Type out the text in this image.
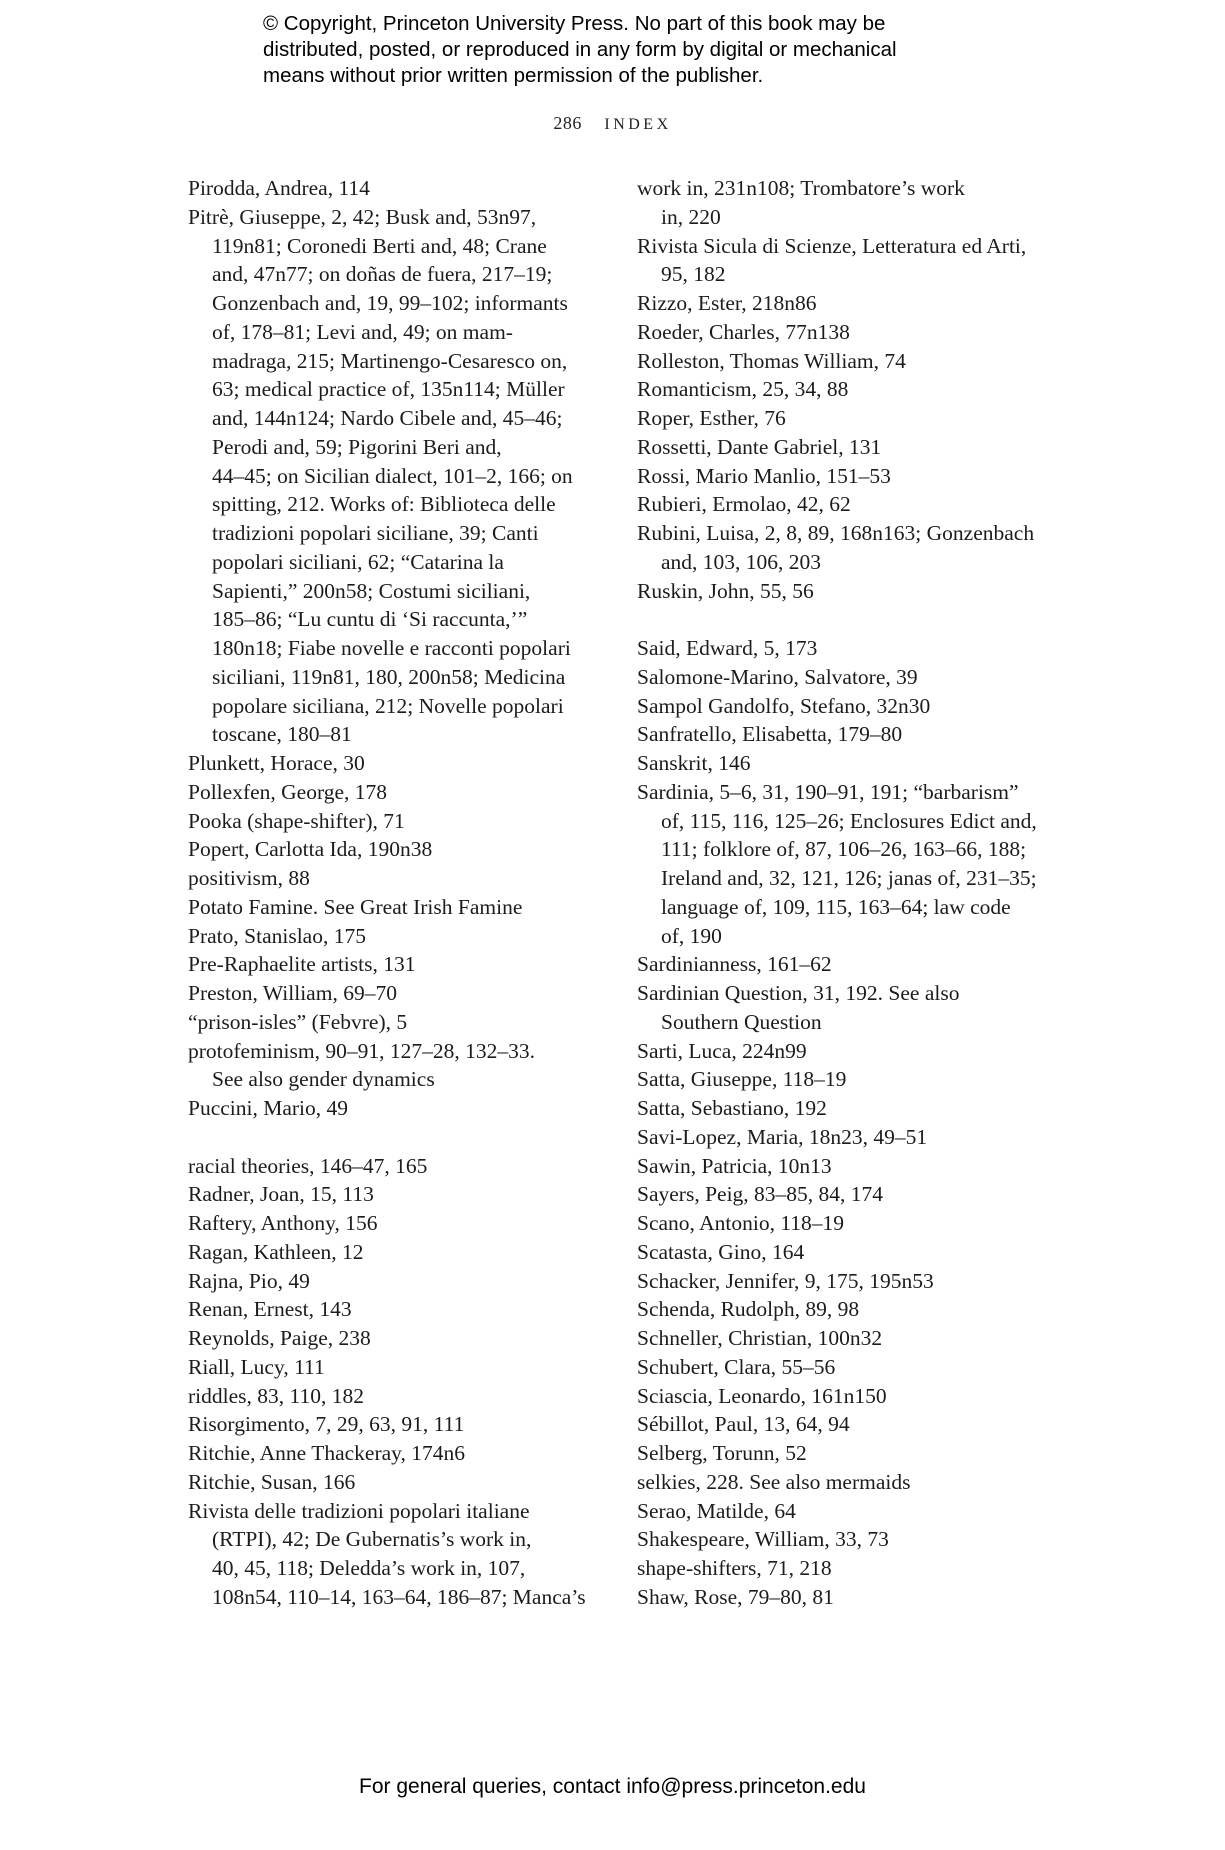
© Copyright, Princeton University Press. No part of this book may be
distributed, posted, or reproduced in any form by digital or mechanical
means without prior written permission of the publisher.
286 INDEX
Pirodda, Andrea, 114
Pitrè, Giuseppe, 2, 42; Busk and, 53n97,
119n81; Coronedi Berti and, 48; Crane
and, 47n77; on doñas de fuera, 217–19;
Gonzenbach and, 19, 99–102; informants
of, 178–81; Levi and, 49; on mam-
madraga, 215; Martinengo-Cesaresco on,
63; medical practice of, 135n114; Müller
and, 144n124; Nardo Cibele and, 45–46;
Perodi and, 59; Pigorini Beri and,
44–45; on Sicilian dialect, 101–2, 166; on
spitting, 212. Works of: Biblioteca delle
tradizioni popolari siciliane, 39; Canti
popolari siciliani, 62; “Catarina la
Sapienti,” 200n58; Costumi siciliani,
185–86; “Lu cuntu di ‘Si raccunta,’”
180n18; Fiabe novelle e racconti popolari
siciliani, 119n81, 180, 200n58; Medicina
popolare siciliana, 212; Novelle popolari
toscane, 180–81
Plunkett, Horace, 30
Pollexfen, George, 178
Pooka (shape-shifter), 71
Popert, Carlotta Ida, 190n38
positivism, 88
Potato Famine. See Great Irish Famine
Prato, Stanislao, 175
Pre-Raphaelite artists, 131
Preston, William, 69–70
“prison-isles” (Febvre), 5
protofeminism, 90–91, 127–28, 132–33.
See also gender dynamics
Puccini, Mario, 49
racial theories, 146–47, 165
Radner, Joan, 15, 113
Raftery, Anthony, 156
Ragan, Kathleen, 12
Rajna, Pio, 49
Renan, Ernest, 143
Reynolds, Paige, 238
Riall, Lucy, 111
riddles, 83, 110, 182
Risorgimento, 7, 29, 63, 91, 111
Ritchie, Anne Thackeray, 174n6
Ritchie, Susan, 166
Rivista delle tradizioni popolari italiane
(RTPI), 42; De Gubernatis’s work in,
40, 45, 118; Deledda’s work in, 107,
108n54, 110–14, 163–64, 186–87; Manca’s
work in, 231n108; Trombatore’s work
in, 220
Rivista Sicula di Scienze, Letteratura ed Arti,
95, 182
Rizzo, Ester, 218n86
Roeder, Charles, 77n138
Rolleston, Thomas William, 74
Romanticism, 25, 34, 88
Roper, Esther, 76
Rossetti, Dante Gabriel, 131
Rossi, Mario Manlio, 151–53
Rubieri, Ermolao, 42, 62
Rubini, Luisa, 2, 8, 89, 168n163; Gonzenbach
and, 103, 106, 203
Ruskin, John, 55, 56
Said, Edward, 5, 173
Salomone-Marino, Salvatore, 39
Sampol Gandolfo, Stefano, 32n30
Sanfratello, Elisabetta, 179–80
Sanskrit, 146
Sardinia, 5–6, 31, 190–91, 191; “barbarism”
of, 115, 116, 125–26; Enclosures Edict and,
111; folklore of, 87, 106–26, 163–66, 188;
Ireland and, 32, 121, 126; janas of, 231–35;
language of, 109, 115, 163–64; law code
of, 190
Sardinianness, 161–62
Sardinian Question, 31, 192. See also
Southern Question
Sarti, Luca, 224n99
Satta, Giuseppe, 118–19
Satta, Sebastiano, 192
Savi-Lopez, Maria, 18n23, 49–51
Sawin, Patricia, 10n13
Sayers, Peig, 83–85, 84, 174
Scano, Antonio, 118–19
Scatasta, Gino, 164
Schacker, Jennifer, 9, 175, 195n53
Schenda, Rudolph, 89, 98
Schneller, Christian, 100n32
Schubert, Clara, 55–56
Sciascia, Leonardo, 161n150
Sébillot, Paul, 13, 64, 94
Selberg, Torunn, 52
selkies, 228. See also mermaids
Serao, Matilde, 64
Shakespeare, William, 33, 73
shape-shifters, 71, 218
Shaw, Rose, 79–80, 81
For general queries, contact info@press.princeton.edu
